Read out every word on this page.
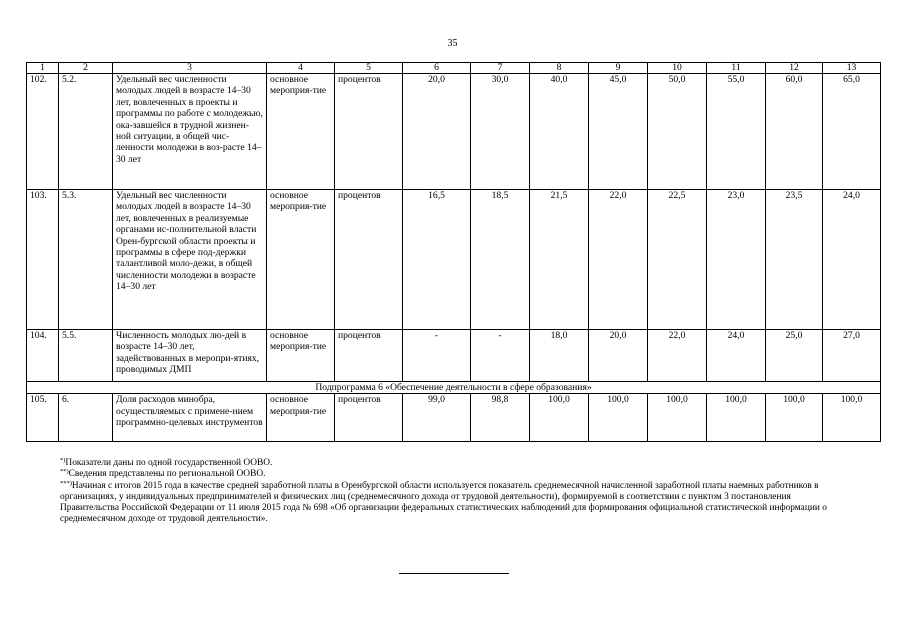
35
1	2	3	4	5	6	7	8	9	10	11	12	13
102.	5.2.	Удельный вес численности молодых людей в возрасте 14–30 лет, вовлеченных в проекты и программы по работе с молодежью, ока-завшейся в трудной жизнен-ной ситуации, в общей чис-ленности молодежи в воз-расте 14–30 лет	основное мероприя-тие	процентов	20,0	30,0	40,0	45,0	50,0	55,0	60,0	65,0
103.	5.3.	Удельный вес численности молодых людей в возрасте 14–30 лет, вовлеченных в реализуемые органами ис-полнительной власти Орен-бургской области проекты и программы в сфере под-держки талантливой моло-дежи, в общей численности молодежи в возрасте 14–30 лет	основное мероприя-тие	процентов	16,5	18,5	21,5	22,0	22,5	23,0	23,5	24,0
104.	5.5.	Численность молодых лю-дей в возрасте 14–30 лет, задействованных в меропри-ятиях, проводимых ДМП	основное мероприя-тие	процентов	-	-	18,0	20,0	22,0	24,0	25,0	27,0
Подпрограмма 6 «Обеспечение деятельности в сфере образования»												
105.	6.	Доля расходов минобра, осуществляемых с примене-нием программно-целевых инструментов	основное мероприя-тие	процентов	99,0	98,8	100,0	100,0	100,0	100,0	100,0	100,0

*)Показатели даны по одной государственной ООВО.

**)Сведения представлены по региональной ООВО.

***)Начиная с итогов 2015 года в качестве средней заработной платы в Оренбургской области используется показатель среднемесячной начисленной заработной платы наемных работников в организациях, у индивидуальных предпринимателей и физических лиц (среднемесячного дохода от трудовой деятельности), формируемой в соответствии с пунктом 3 постановления Правительства Российской Федерации от 11 июля 2015 года № 698 «Об организации федеральных статистических наблюдений для формирования официальной статистической информации о среднемесячном доходе от трудовой деятельности».
